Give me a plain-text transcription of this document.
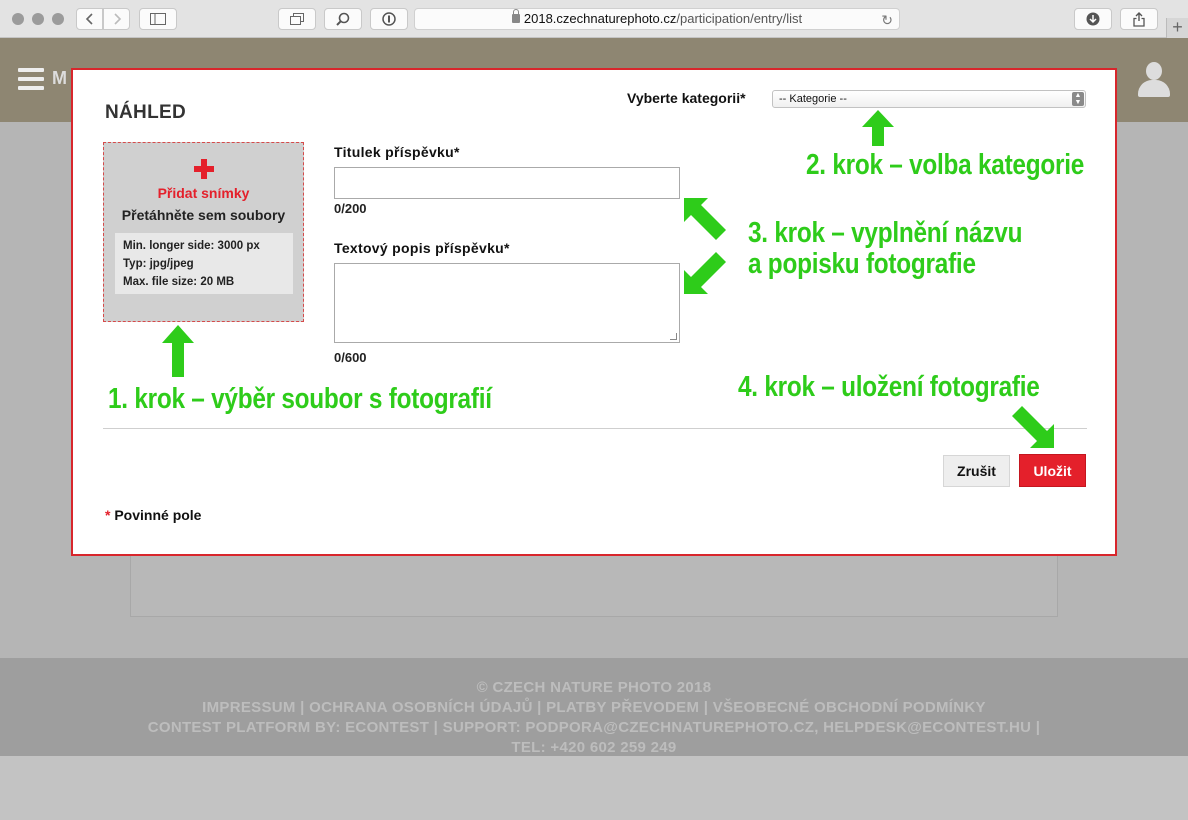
2018.czechnaturephoto.cz/participation/entry/list	↻	+
M
© CZECH NATURE PHOTO 2018
IMPRESSUM | OCHRANA OSOBNÍCH ÚDAJŮ | PLATBY PŘEVODEM | VŠEOBECNÉ OBCHODNÍ PODMÍNKY
CONTEST PLATFORM BY: ECONTEST | SUPPORT: PODPORA@CZECHNATUREPHOTO.CZ, HELPDESK@ECONTEST.HU |
TEL: +420 602 259 249
NÁHLED
Vyberte kategorii*	-- Kategorie --	▲
▼
Přidat snímky
Přetáhněte sem soubory
Min. longer side: 3000 px
Typ: jpg/jpeg
Max. file size: 20 MB
Titulek příspěvku*
0/200
Textový popis příspěvku*
0/600
Zrušit	Uložit
* Povinné pole
2. krok – volba kategorie
3. krok – vyplnění názvu
a popisku fotografie
1. krok – výběr soubor s fotografií	4. krok – uložení fotografie
